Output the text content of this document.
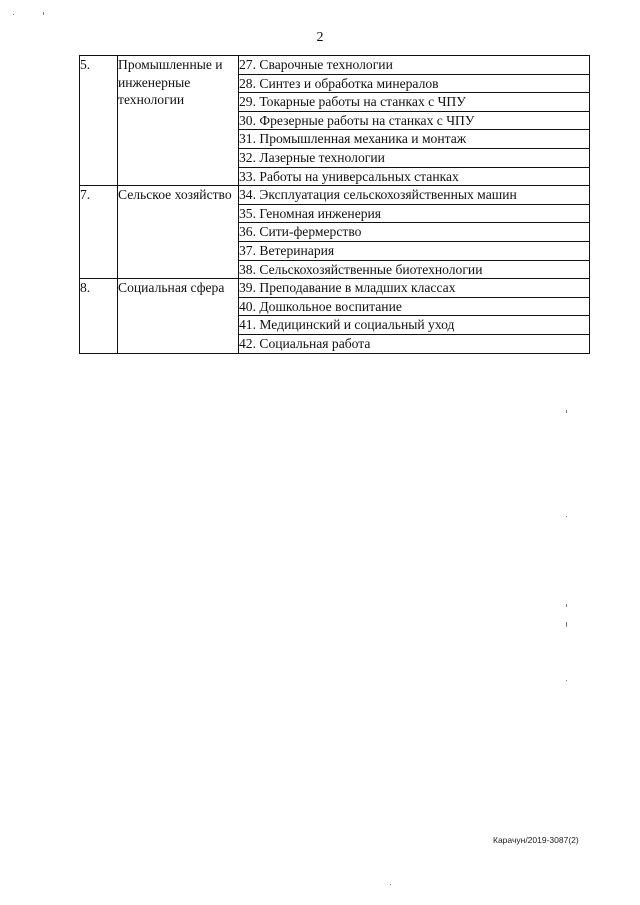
2
5.	Промышленные и инженерные технологии	27. Сварочные технологии
		28. Синтез и обработка минералов
		29. Токарные работы на станках с ЧПУ
		30. Фрезерные работы на станках с ЧПУ
		31. Промышленная механика и монтаж
		32. Лазерные технологии
		33. Работы на универсальных станках
7.	Сельское хозяйство	34. Эксплуатация сельскохозяйственных машин
		35. Геномная инженерия
		36. Сити-фермерство
		37. Ветеринария
		38. Сельскохозяйственные биотехнологии
8.	Социальная сфера	39. Преподавание в младших классах
		40. Дошкольное воспитание
		41. Медицинский и социальный уход
		42. Социальная работа
Карачун/2019-3087(2)
